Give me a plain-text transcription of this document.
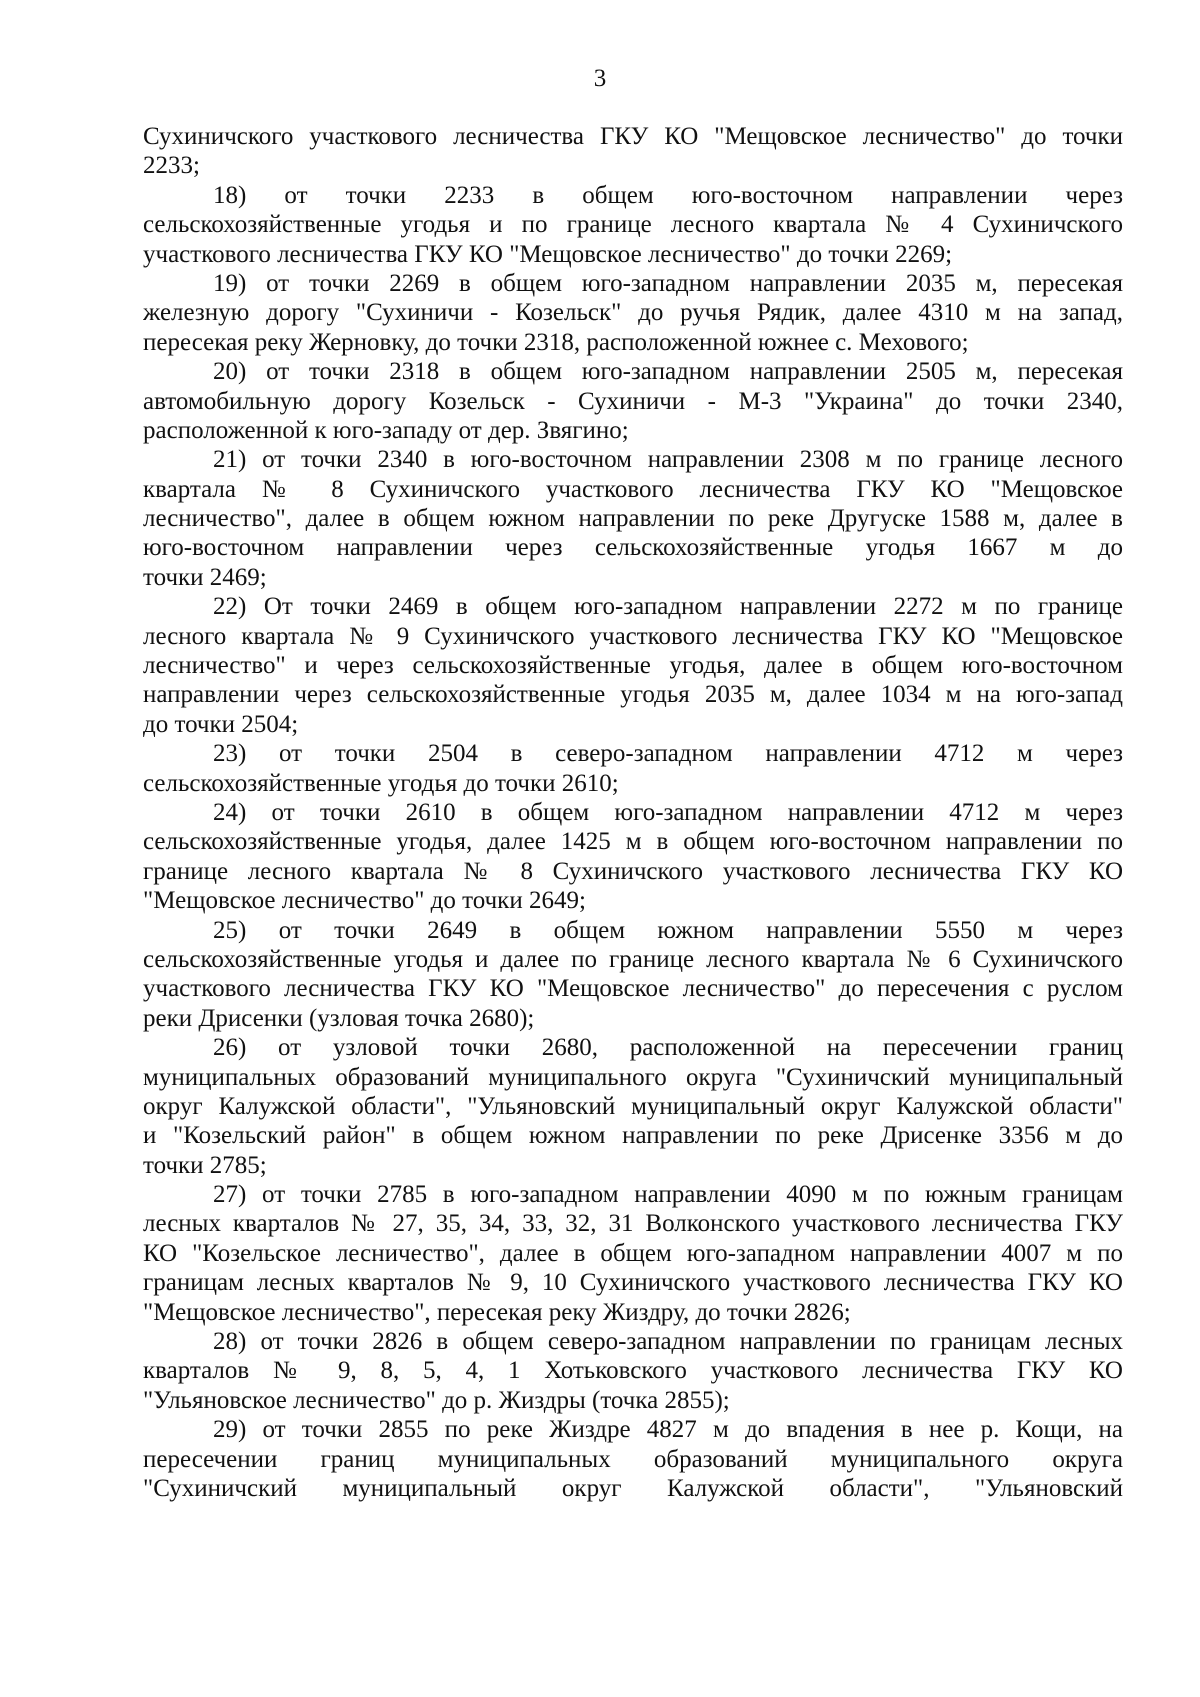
3
Сухиничского участкового лесничества ГКУ КО "Мещовское лесничество" до точки
2233;
18) от точки 2233 в общем юго-восточном направлении через
сельскохозяйственные угодья и по границе лесного квартала № 4 Сухиничского
участкового лесничества ГКУ КО "Мещовское лесничество" до точки 2269;
19) от точки 2269 в общем юго-западном направлении 2035 м, пересекая
железную дорогу "Сухиничи - Козельск" до ручья Рядик, далее 4310 м на запад,
пересекая реку Жерновку, до точки 2318, расположенной южнее с. Мехового;
20) от точки 2318 в общем юго-западном направлении 2505 м, пересекая
автомобильную дорогу Козельск - Сухиничи - М-3 "Украина" до точки 2340,
расположенной к юго-западу от дер. Звягино;
21) от точки 2340 в юго-восточном направлении 2308 м по границе лесного
квартала № 8 Сухиничского участкового лесничества ГКУ КО "Мещовское
лесничество", далее в общем южном направлении по реке Другуске 1588 м, далее в
юго-восточном направлении через сельскохозяйственные угодья 1667 м до
точки 2469;
22) От точки 2469 в общем юго-западном направлении 2272 м по границе
лесного квартала № 9 Сухиничского участкового лесничества ГКУ КО "Мещовское
лесничество" и через сельскохозяйственные угодья, далее в общем юго-восточном
направлении через сельскохозяйственные угодья 2035 м, далее 1034 м на юго-запад
до точки 2504;
23) от точки 2504 в северо-западном направлении 4712 м через
сельскохозяйственные угодья до точки 2610;
24) от точки 2610 в общем юго-западном направлении 4712 м через
сельскохозяйственные угодья, далее 1425 м в общем юго-восточном направлении по
границе лесного квартала № 8 Сухиничского участкового лесничества ГКУ КО
"Мещовское лесничество" до точки 2649;
25) от точки 2649 в общем южном направлении 5550 м через
сельскохозяйственные угодья и далее по границе лесного квартала № 6 Сухиничского
участкового лесничества ГКУ КО "Мещовское лесничество" до пересечения с руслом
реки Дрисенки (узловая точка 2680);
26) от узловой точки 2680, расположенной на пересечении границ
муниципальных образований муниципального округа "Сухиничский муниципальный
округ Калужской области", "Ульяновский муниципальный округ Калужской области"
и "Козельский район" в общем южном направлении по реке Дрисенке 3356 м до
точки 2785;
27) от точки 2785 в юго-западном направлении 4090 м по южным границам
лесных кварталов № 27, 35, 34, 33, 32, 31 Волконского участкового лесничества ГКУ
КО "Козельское лесничество", далее в общем юго-западном направлении 4007 м по
границам лесных кварталов № 9, 10 Сухиничского участкового лесничества ГКУ КО
"Мещовское лесничество", пересекая реку Жиздру, до точки 2826;
28) от точки 2826 в общем северо-западном направлении по границам лесных
кварталов № 9, 8, 5, 4, 1 Хотьковского участкового лесничества ГКУ КО
"Ульяновское лесничество" до р. Жиздры (точка 2855);
29) от точки 2855 по реке Жиздре 4827 м до впадения в нее р. Кощи, на
пересечении границ муниципальных образований муниципального округа
"Сухиничский муниципальный округ Калужской области", "Ульяновский
